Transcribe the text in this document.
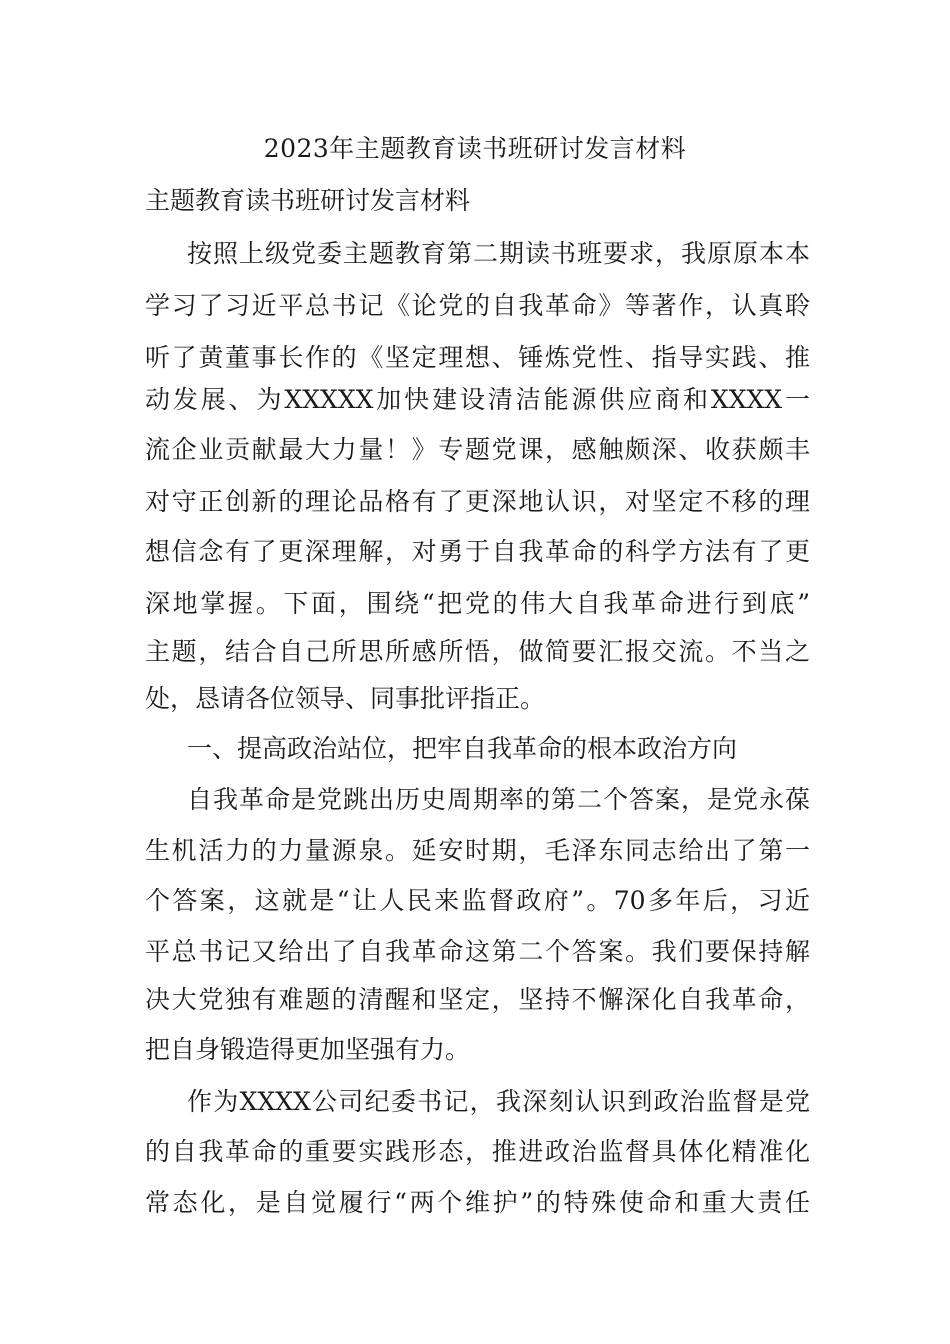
2023年主题教育读书班研讨发言材料
主题教育读书班研讨发言材料
按照上级党委主题教育第二期读书班要求，我原原本本
学习了习近平总书记《论党的自我革命》等著作，认真聆
听了黄董事长作的《坚定理想、锤炼党性、指导实践、推
动发展、为XXXXX加快建设清洁能源供应商和XXXX一
流企业贡献最大力量！》专题党课，感触颇深、收获颇丰
对守正创新的理论品格有了更深地认识，对坚定不移的理
想信念有了更深理解，对勇于自我革命的科学方法有了更
深地掌握。下面，围绕“把党的伟大自我革命进行到底”
主题，结合自己所思所感所悟，做简要汇报交流。不当之
处，恳请各位领导、同事批评指正。
一、提高政治站位，把牢自我革命的根本政治方向
自我革命是党跳出历史周期率的第二个答案，是党永葆
生机活力的力量源泉。延安时期，毛泽东同志给出了第一
个答案，这就是“让人民来监督政府”。70多年后，习近
平总书记又给出了自我革命这第二个答案。我们要保持解
决大党独有难题的清醒和坚定，坚持不懈深化自我革命，
把自身锻造得更加坚强有力。
作为XXXX公司纪委书记，我深刻认识到政治监督是党
的自我革命的重要实践形态，推进政治监督具体化精准化
常态化，是自觉履行“两个维护”的特殊使命和重大责任
